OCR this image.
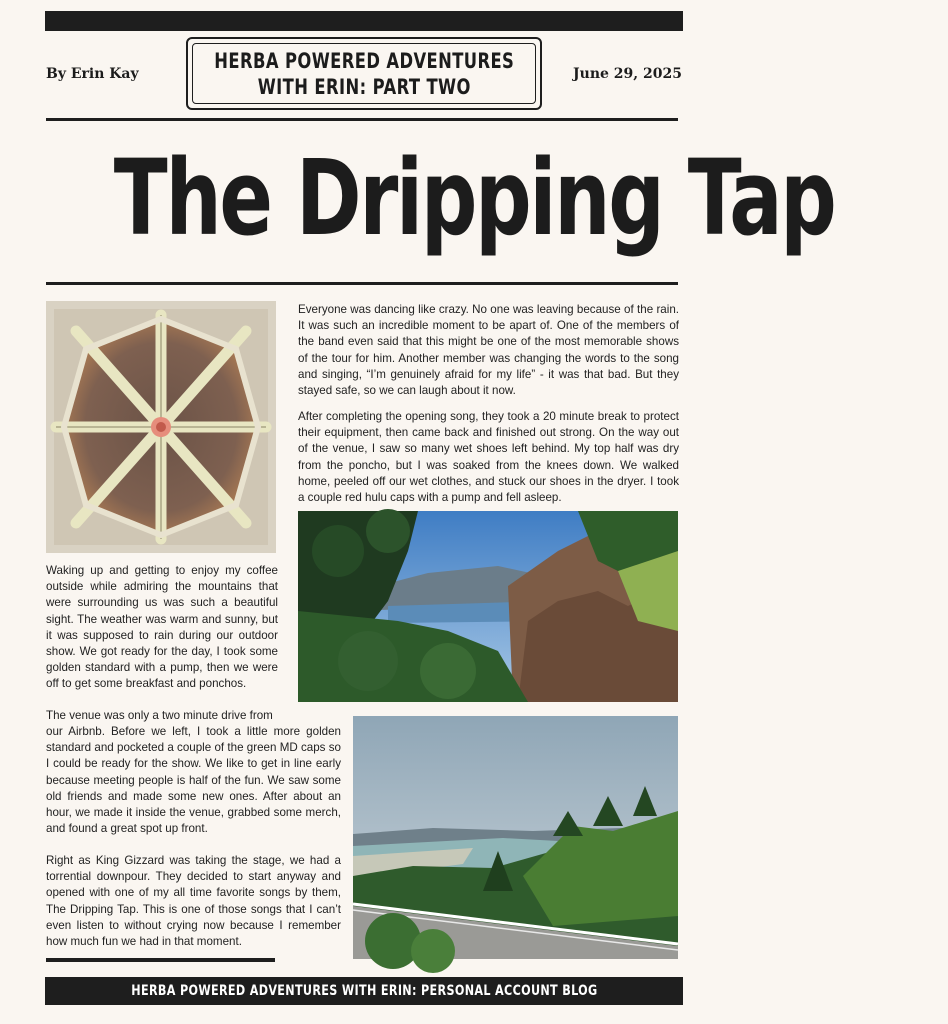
By Erin Kay
HERBA POWERED ADVENTURES
WITH ERIN: PART TWO
June 29, 2025
The Dripping Tap
Everyone was dancing like crazy. No one was leaving because of the rain. It was such an incredible moment to be apart of. One of the members of the band even said that this might be one of the most memorable shows of the tour for him. Another member was changing the words to the song and singing, “I’m genuinely afraid for my life” - it was that bad. But they stayed safe, so we can laugh about it now.
After completing the opening song, they took a 20 minute break to protect their equipment, then came back and finished out strong. On the way out of the venue, I saw so many wet shoes left behind. My top half was dry from the poncho, but I was soaked from the knees down. We walked home, peeled off our wet clothes, and stuck our shoes in the dryer. I took a couple red hulu caps with a pump and fell asleep.
Waking up and getting to enjoy my coffee outside while admiring the mountains that were surrounding us was such a beautiful sight. The weather was warm and sunny, but it was supposed to rain during our outdoor show. We got ready for the day, I took some golden standard with a pump, then we were off to get some breakfast and ponchos.
The venue was only a two minute drive from
our Airbnb. Before we left, I took a little more golden standard and pocketed a couple of the green MD caps so I could be ready for the show. We like to get in line early because meeting people is half of the fun. We saw some old friends and made some new ones. After about an hour, we made it inside the venue, grabbed some merch, and found a great spot up front.
Right as King Gizzard was taking the stage, we had a torrential downpour. They decided to start anyway and opened with one of my all time favorite songs by them, The Dripping Tap. This is one of those songs that I can’t even listen to without crying now because I remember how much fun we had in that moment.
HERBA POWERED ADVENTURES WITH ERIN: PERSONAL ACCOUNT BLOG
